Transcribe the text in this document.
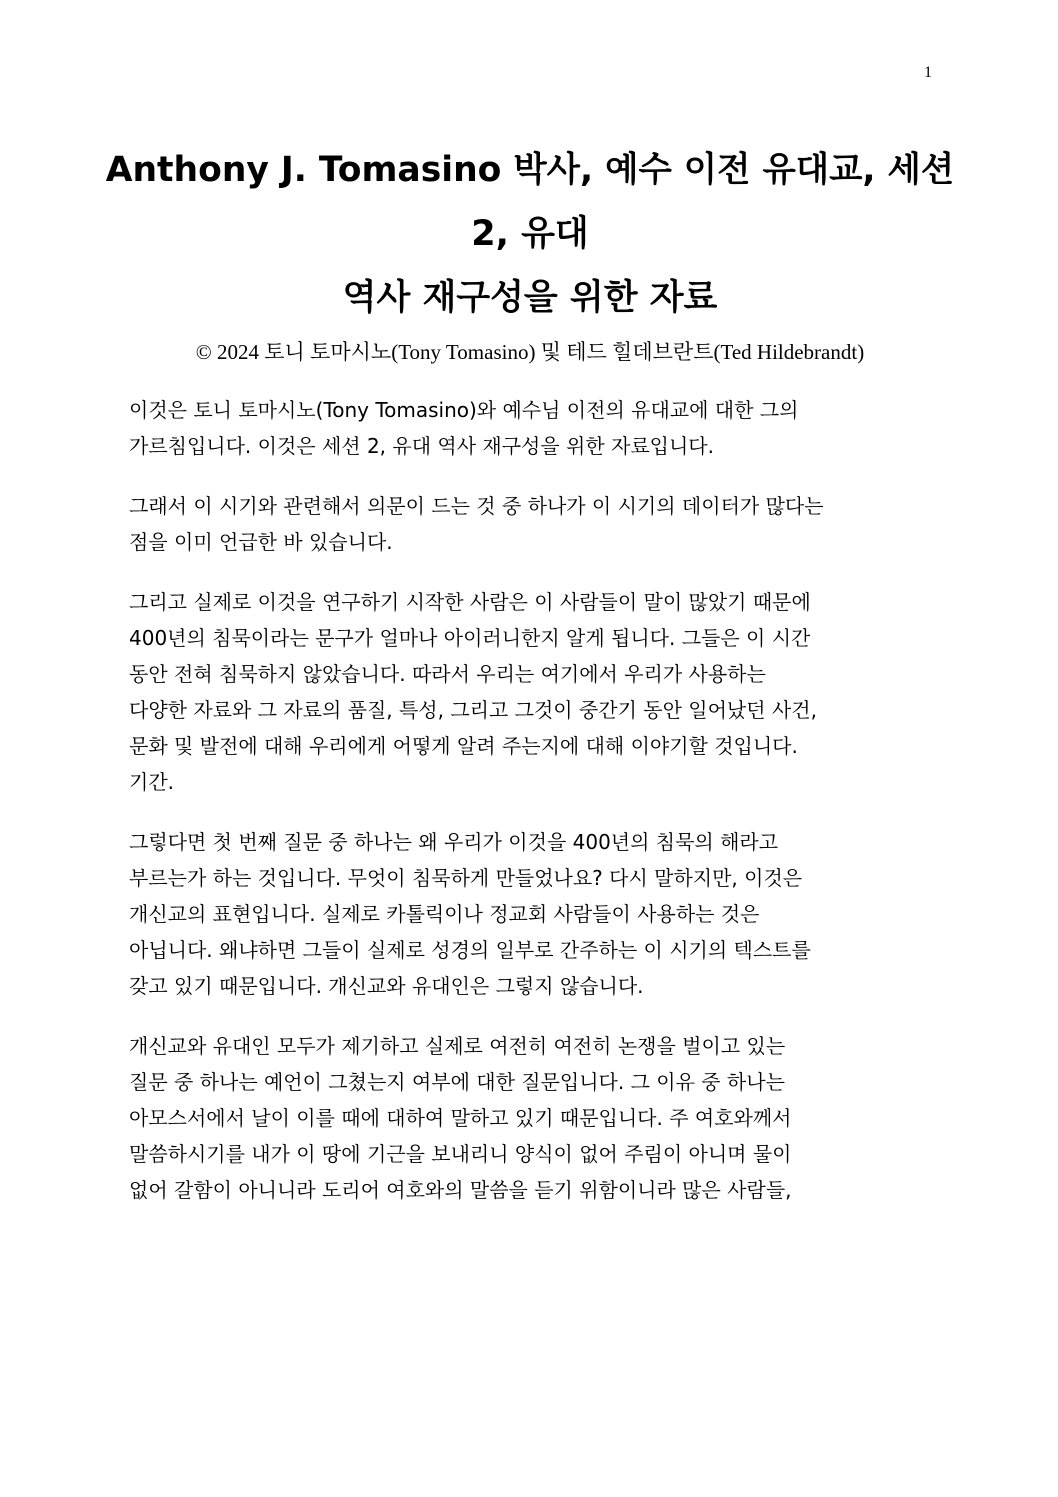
1
Anthony J. Tomasino 박사, 예수 이전 유대교, 세션
2, 유대
역사 재구성을 위한 자료
© 2024 토니 토마시노(Tony Tomasino) 및 테드 힐데브란트(Ted Hildebrandt)

이것은 토니 토마시노(Tony Tomasino)와 예수님 이전의 유대교에 대한 그의
가르침입니다. 이것은 세션 2, 유대 역사 재구성을 위한 자료입니다.

그래서 이 시기와 관련해서 의문이 드는 것 중 하나가 이 시기의 데이터가 많다는
점을 이미 언급한 바 있습니다.

그리고 실제로 이것을 연구하기 시작한 사람은 이 사람들이 말이 많았기 때문에
400년의 침묵이라는 문구가 얼마나 아이러니한지 알게 됩니다. 그들은 이 시간
동안 전혀 침묵하지 않았습니다. 따라서 우리는 여기에서 우리가 사용하는
다양한 자료와 그 자료의 품질, 특성, 그리고 그것이 중간기 동안 일어났던 사건,
문화 및 발전에 대해 우리에게 어떻게 알려 주는지에 대해 이야기할 것입니다.
기간.

그렇다면 첫 번째 질문 중 하나는 왜 우리가 이것을 400년의 침묵의 해라고
부르는가 하는 것입니다. 무엇이 침묵하게 만들었나요? 다시 말하지만, 이것은
개신교의 표현입니다. 실제로 카톨릭이나 정교회 사람들이 사용하는 것은
아닙니다. 왜냐하면 그들이 실제로 성경의 일부로 간주하는 이 시기의 텍스트를
갖고 있기 때문입니다. 개신교와 유대인은 그렇지 않습니다.

개신교와 유대인 모두가 제기하고 실제로 여전히 여전히 논쟁을 벌이고 있는
질문 중 하나는 예언이 그쳤는지 여부에 대한 질문입니다. 그 이유 중 하나는
아모스서에서 날이 이를 때에 대하여 말하고 있기 때문입니다. 주 여호와께서
말씀하시기를 내가 이 땅에 기근을 보내리니 양식이 없어 주림이 아니며 물이
없어 갈함이 아니니라 도리어 여호와의 말씀을 듣기 위함이니라 많은 사람들,
